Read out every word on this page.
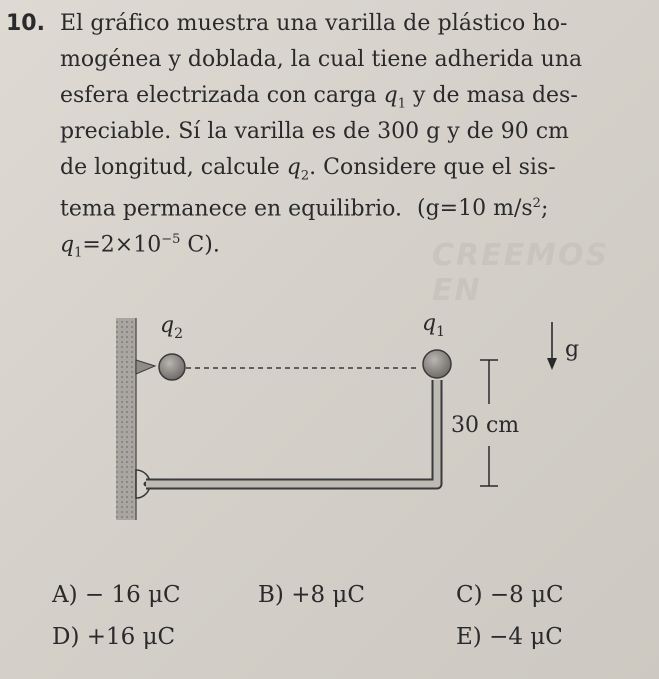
10. El gráfico muestra una varilla de plástico ho-
mogénea y doblada, la cual tiene adherida una
esfera electrizada con carga $q_1$ y de masa des-
preciable. Sí la varilla es de 300 g y de 90 cm
de longitud, calcule $q_2$. Considere que el sis-
tema permanece en equilibrio. (g=10 $m/s^2$;
$q_1=2\times 10^{-5}$ C).	CREEMOS EN
$q_2$	$q_1$
g
30 cm
A) − 16 μC	B) +8 μC	C) −8 μC
D) +16 μC	E) −4 μC
